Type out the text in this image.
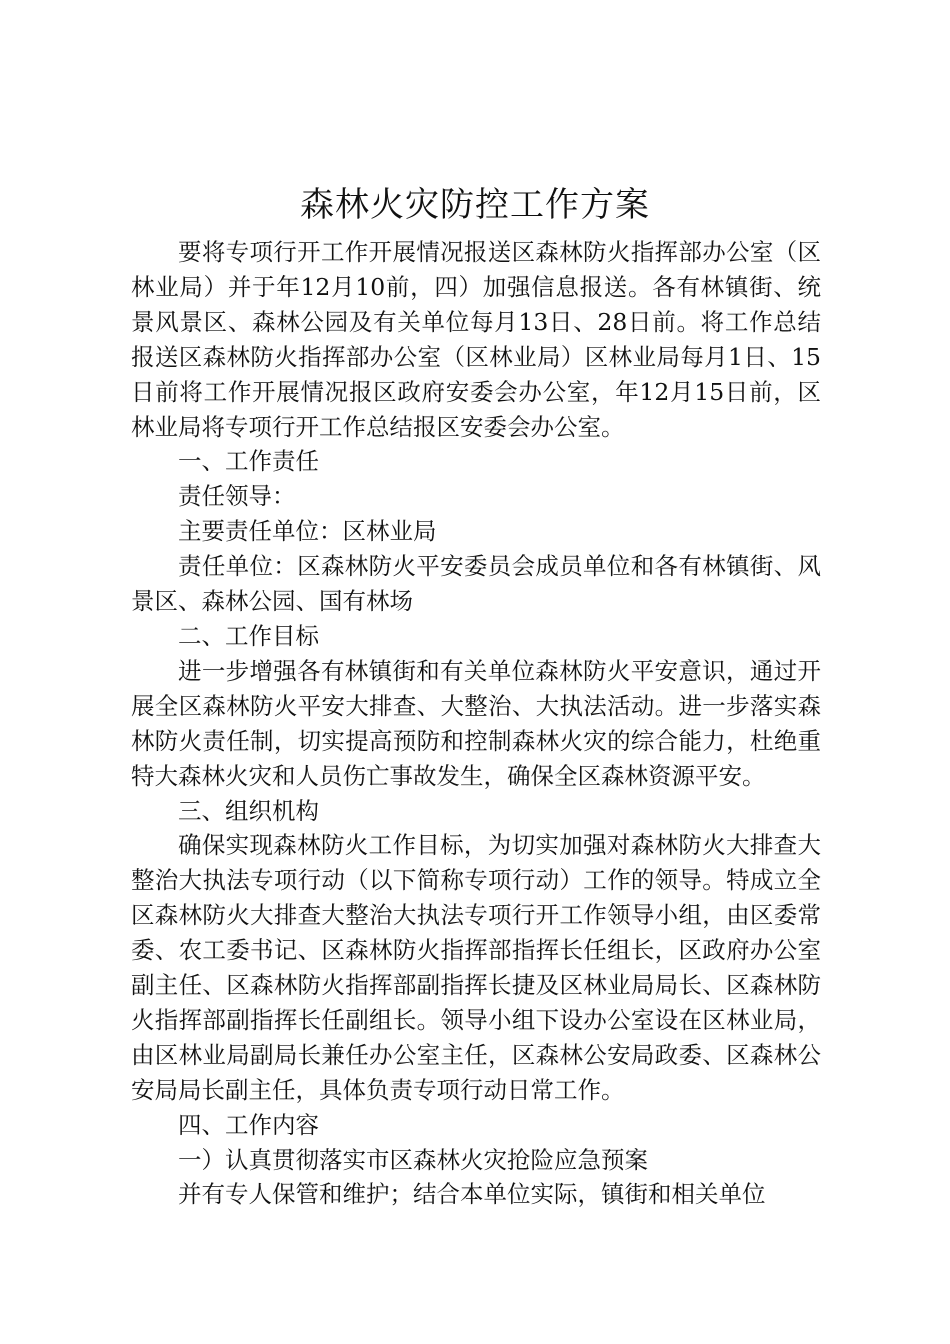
森林火灾防控工作方案

要将专项行开工作开展情况报送区森林防火指挥部办公室（区林业局）并于年12月10前，四）加强信息报送。各有林镇街、统景风景区、森林公园及有关单位每月13日、28日前。将工作总结报送区森林防火指挥部办公室（区林业局）区林业局每月1日、15日前将工作开展情况报区政府安委会办公室，年12月15日前，区林业局将专项行开工作总结报区安委会办公室。

一、工作责任

责任领导：

主要责任单位：区林业局

责任单位：区森林防火平安委员会成员单位和各有林镇街、风景区、森林公园、国有林场

二、工作目标

进一步增强各有林镇街和有关单位森林防火平安意识，通过开展全区森林防火平安大排查、大整治、大执法活动。进一步落实森林防火责任制，切实提高预防和控制森林火灾的综合能力，杜绝重特大森林火灾和人员伤亡事故发生，确保全区森林资源平安。

三、组织机构

确保实现森林防火工作目标，为切实加强对森林防火大排查大整治大执法专项行动（以下简称专项行动）工作的领导。特成立全区森林防火大排查大整治大执法专项行开工作领导小组，由区委常委、农工委书记、区森林防火指挥部指挥长任组长，区政府办公室副主任、区森林防火指挥部副指挥长捷及区林业局局长、区森林防火指挥部副指挥长任副组长。领导小组下设办公室设在区林业局，由区林业局副局长兼任办公室主任，区森林公安局政委、区森林公安局局长副主任，具体负责专项行动日常工作。

四、工作内容

一）认真贯彻落实市区森林火灾抢险应急预案

并有专人保管和维护；结合本单位实际，镇街和相关单位
